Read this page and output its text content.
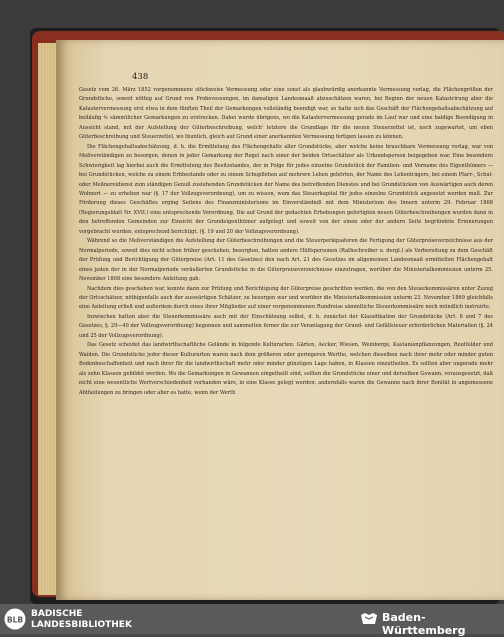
438

Gesetz vom 26. März 1852 vorgenommene stückweise Vermessung oder eine sonst als glaubwürdig anerkannte Vermessung vorlag, die Flächengrößen der Grundstücke, soweit nöthig auf Grund von Probevessungen, im damaligen Landesmaaß abzuschätzen waren, bei Beginn der neuen Katastrirung aber die Katastervermessung erst etwa in dem fünften Theil der Gemarkungen vollständig beendigt war, so hatte sich das Geschäft der Flächengehaltsabschätzung auf beiläufig ⁴⁄₅ sämmtlicher Gemarkungen zu erstrecken. Dabei wurde übrigens, wo die Katastervermessung gerade im Lauf war und eine baldige Beendigung in Aussicht stand, mit der Aufstellung der Güterbeschreibung, welch' letztere die Grundlage für die neuen Steuerzettel ist, noch zugewartet, um eben Güterbeschreibung und Steuerzettel, wo thunlich, gleich auf Grund einer anerkannten Vermessung fertigen lassen zu können.

Die Flächengehaltsabschätzung, d. h. die Ermittelung des Flächengehalts aller Grundstücke, aber welche keine brauchbare Vermessung vorlag, war von Meßverständigen zu besorgen, denen in jeder Gemarkung der Regel nach einer der beiden Ortsschätzer als Urkundsperson beigegeben war. Eine besondere Schwierigkeit lag hierbei auch die Ermittelung des Besitzstandes, der in Folge für jedes einzelne Grundstück der Familien- und Vorname des Eigenthümers — bei Grundstücken, welche zu einem Erbbestande oder zu einem Schupflehen auf mehrere Lehen gehörten, der Name des Lehenträgers, bei einem Pfarr-, Schul- oder Meßnereidienst zum ständigen Genuß zustehenden Grundstücken der Name des betreffenden Dienstes und bei Grundstücken von Auswärtigen auch deren Wohnort — zu erheben war (§. 17 der Vollzugsverordnung), um zu wissen, wem das Steuerkapital für jedes einzelne Grundstück angesetzt werden muß. Zur Förderung dieses Geschäftes erging Seitens des Finanzministeriums im Einverständniß mit dem Ministerium des Innern unterm 29. Februar 1868 (Regierungsblatt Nr. XVII.) eine entsprechende Verordnung. Die auf Grund der gedachten Erhebungen gefertigten neuen Güterbeschreibungen wurden dann in den betreffenden Gemeinden zur Einsicht der Grundeigenthümer aufgelegt und soweit von der einen oder der andern Seite begründete Erinnerungen vorgebracht wurden, entsprechend berichtigt. (§. 19 und 20 der Vollzugsverordnung).

Während so die Meßverständigen die Aufstellung der Güterbeschreibungen und die Steuerperäquatoren die Fertigung der Güterpreiseverzeichnisse aus der Normalperiode, soweit dies nicht schon früher geschehen, besorgten, hatten andere Hülfspersonen (Rathschreiber u. dergl.) als Vorbereitung zu dem Geschäft der Prüfung und Berichtigung der Güterpreise (Art. 11 des Gesetzes) den nach Art. 21 des Gesetzes im allgemeinen Landesmaaß ermittelten Flächengehalt eines jeden der in der Normalperiode veräußerten Grundstücke in die Güterpreiseverzeichnisse einzutragen, worüber die Ministerialkommission unterm 25. November 1868 eine besondere Anleitung gab.

Nachdem dies geschehen war, konnte dann zur Prüfung und Berichtigung der Güterpreise geschritten werden, die von den Steuerkommissären unter Zuzug der Ortsschätzer, nöthigenfalls auch der auswärtigen Schätzer, zu besorgen war und worüber die Ministerialkommission unterm 23. November 1869 gleichfalls eine Anleitung erließ und außerdem durch eines ihrer Mitglieder auf einer vorgenommenen Rundreise sämmtliche Steuerkommissäre noch mündlich instruirte.

Inzwischen hatten aber die Steuerkommissäre auch mit der Einschätzung selbst, d. h. zunächst der Klassifikation der Grundstücke (Art. 6 und 7 des Gesetzes, §. 29—40 der Vollzugsverordnung) begonnen und sammelten ferner die zur Veranlagung der Grund- und Gefällsteuer erforderlichen Materialien (§. 24 und 25 der Vollzugsverordnung).

Das Gesetz scheidet das landwirthschaftliche Gelände in folgende Kulturarten: Gärten, Aecker, Wiesen, Weinberge, Kastanienpflanzungen, Reutfelder und Waiden. Die Grundstücke jeder dieser Kulturarten waren nach dem größeren oder geringeren Werthe, welchen dieselben nach ihrer mehr oder minder guten Bodenbeschaffenheit und nach ihrer für die landwirthschaft mehr oder minder günstigen Lage haben, in Klassen einzutheilen. Es sollten aber ungerade mehr als zehn Klassen gebildet werden. Wo die Gemarkungen in Gewannen eingetheilt sind, sollten die Grundstücke einer und derselben Gewann, vorausgesetzt, daß nicht eine wesentliche Wertverschiedenheit vorhanden wäre, in eine Klasse gelegt werden; andernfalls waren die Gewanne nach ihrer Bonität in angemessene Abtheilungen zu bringen oder aber es hatte, wenn der Werth

BLB
BADISCHE
LANDESBIBLIOTHEK
Baden-Württemberg
